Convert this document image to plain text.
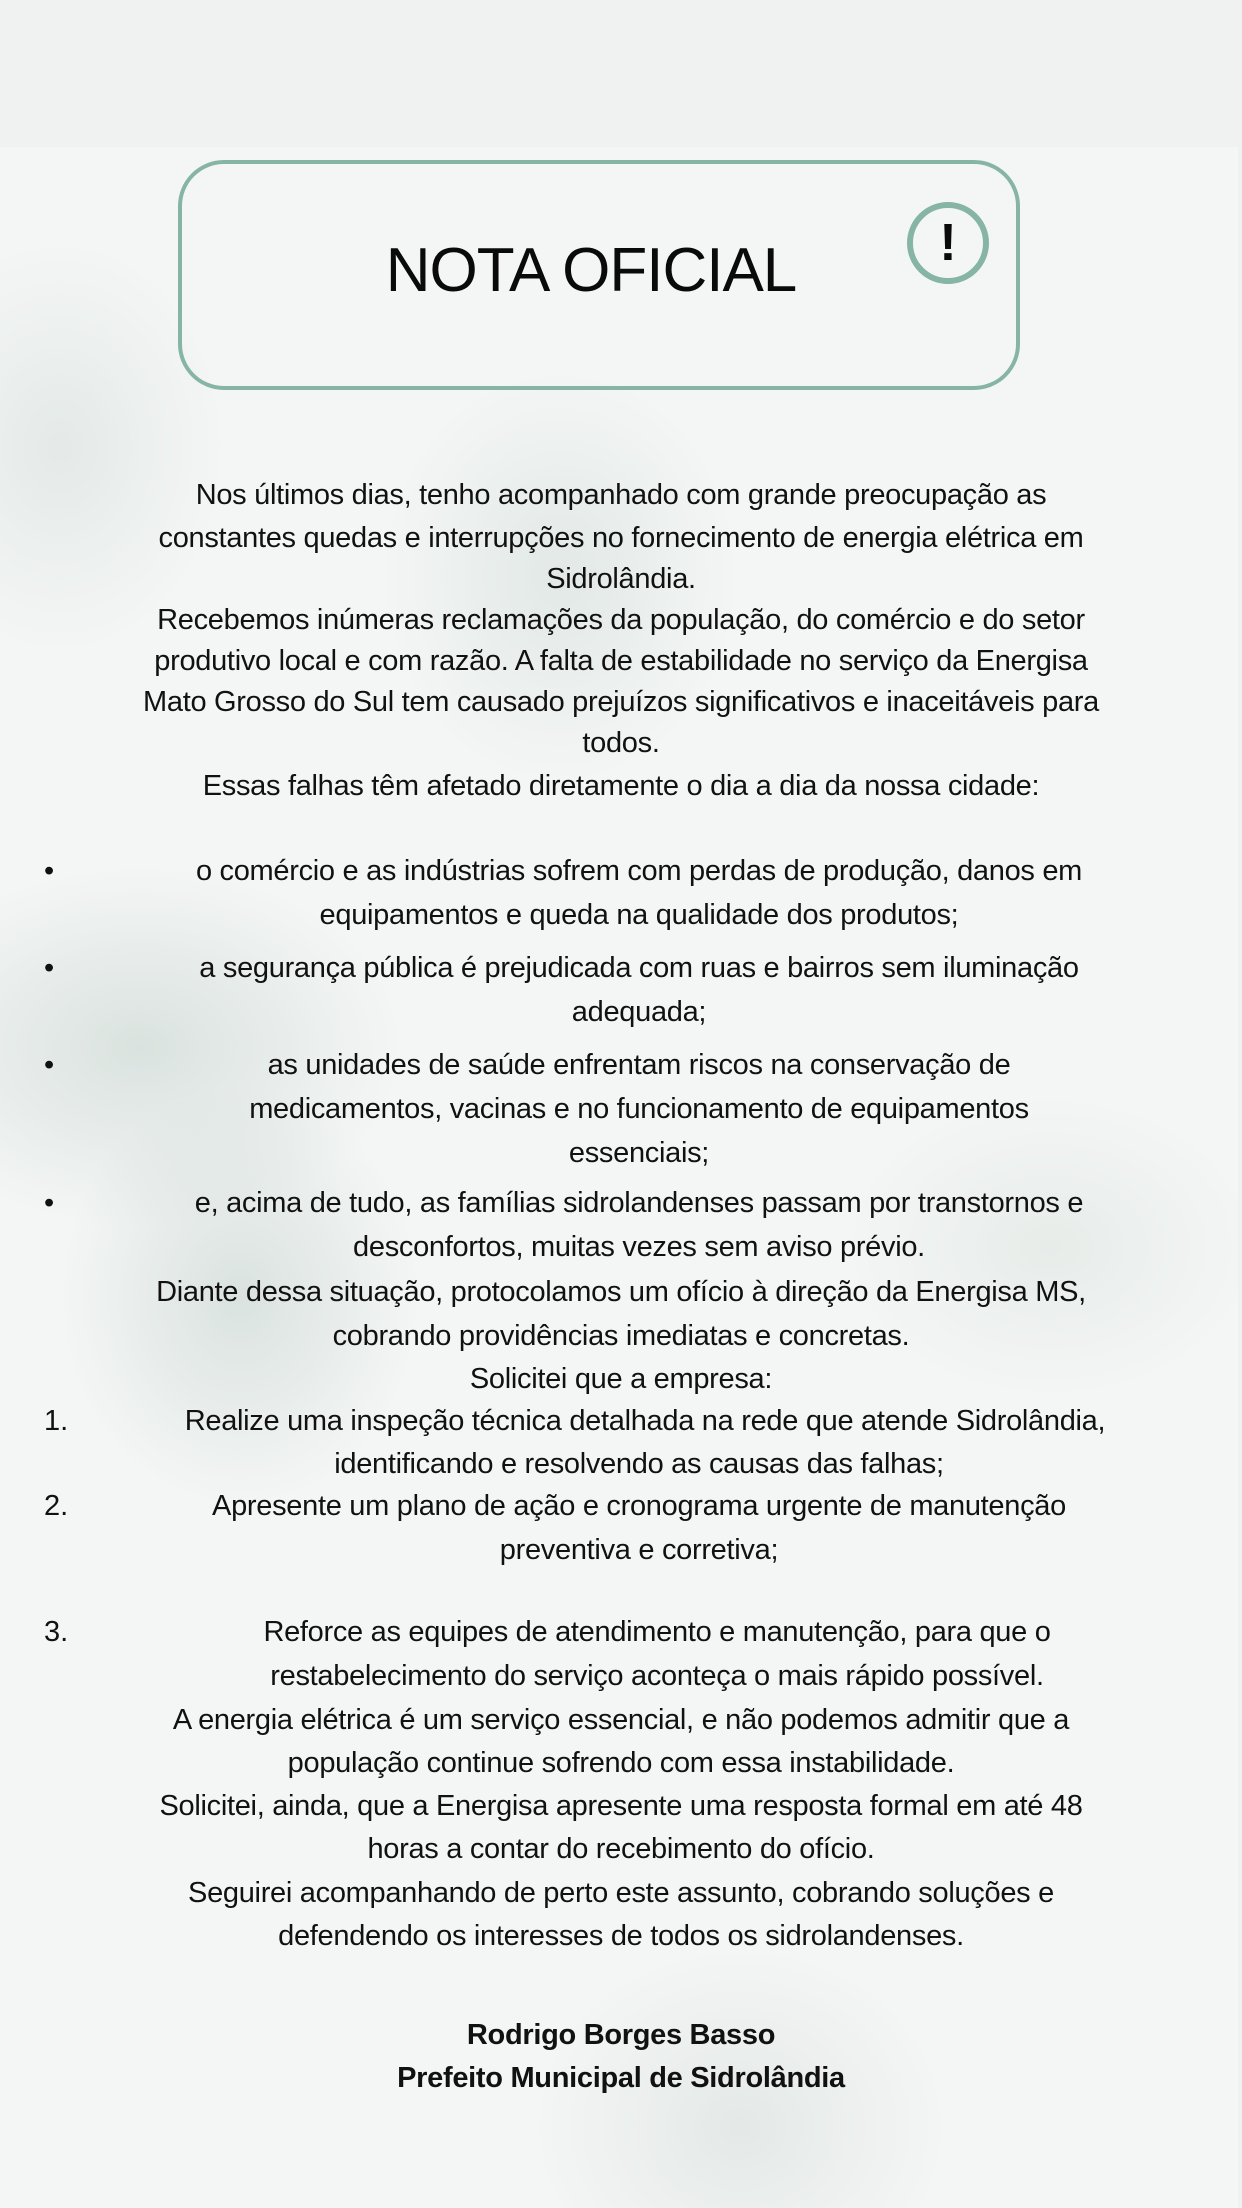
NOTA OFICIAL	!
Nos últimos dias, tenho acompanhado com grande preocupação as
constantes quedas e interrupções no fornecimento de energia elétrica em
Sidrolândia.
Recebemos inúmeras reclamações da população, do comércio e do setor
produtivo local e com razão. A falta de estabilidade no serviço da Energisa
Mato Grosso do Sul tem causado prejuízos significativos e inaceitáveis para
todos.
Essas falhas têm afetado diretamente o dia a dia da nossa cidade:
•	o comércio e as indústrias sofrem com perdas de produção, danos em
equipamentos e queda na qualidade dos produtos;
•	a segurança pública é prejudicada com ruas e bairros sem iluminação
adequada;
•	as unidades de saúde enfrentam riscos na conservação de
medicamentos, vacinas e no funcionamento de equipamentos
essenciais;
•	e, acima de tudo, as famílias sidrolandenses passam por transtornos e
desconfortos, muitas vezes sem aviso prévio.
Diante dessa situação, protocolamos um ofício à direção da Energisa MS,
cobrando providências imediatas e concretas.
Solicitei que a empresa:
1.	Realize uma inspeção técnica detalhada na rede que atende Sidrolândia,
identificando e resolvendo as causas das falhas;
2.	Apresente um plano de ação e cronograma urgente de manutenção
preventiva e corretiva;
3.	Reforce as equipes de atendimento e manutenção, para que o
restabelecimento do serviço aconteça o mais rápido possível.
A energia elétrica é um serviço essencial, e não podemos admitir que a
população continue sofrendo com essa instabilidade.
Solicitei, ainda, que a Energisa apresente uma resposta formal em até 48
horas a contar do recebimento do ofício.
Seguirei acompanhando de perto este assunto, cobrando soluções e
defendendo os interesses de todos os sidrolandenses.
Rodrigo Borges Basso
Prefeito Municipal de Sidrolândia
